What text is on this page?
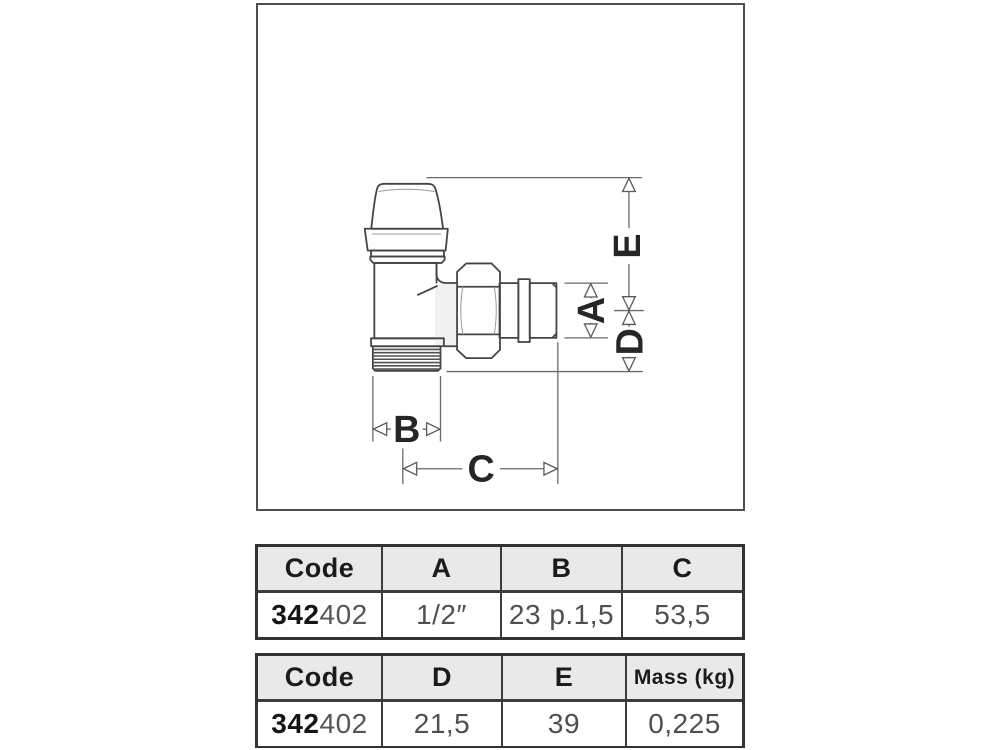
E
A
D
B
C
Code	A	B	C
342 402	1/2″	23 p.1,5	53,5
Code	D	E	Mass (kg)
342 402	21,5	39	0,225
